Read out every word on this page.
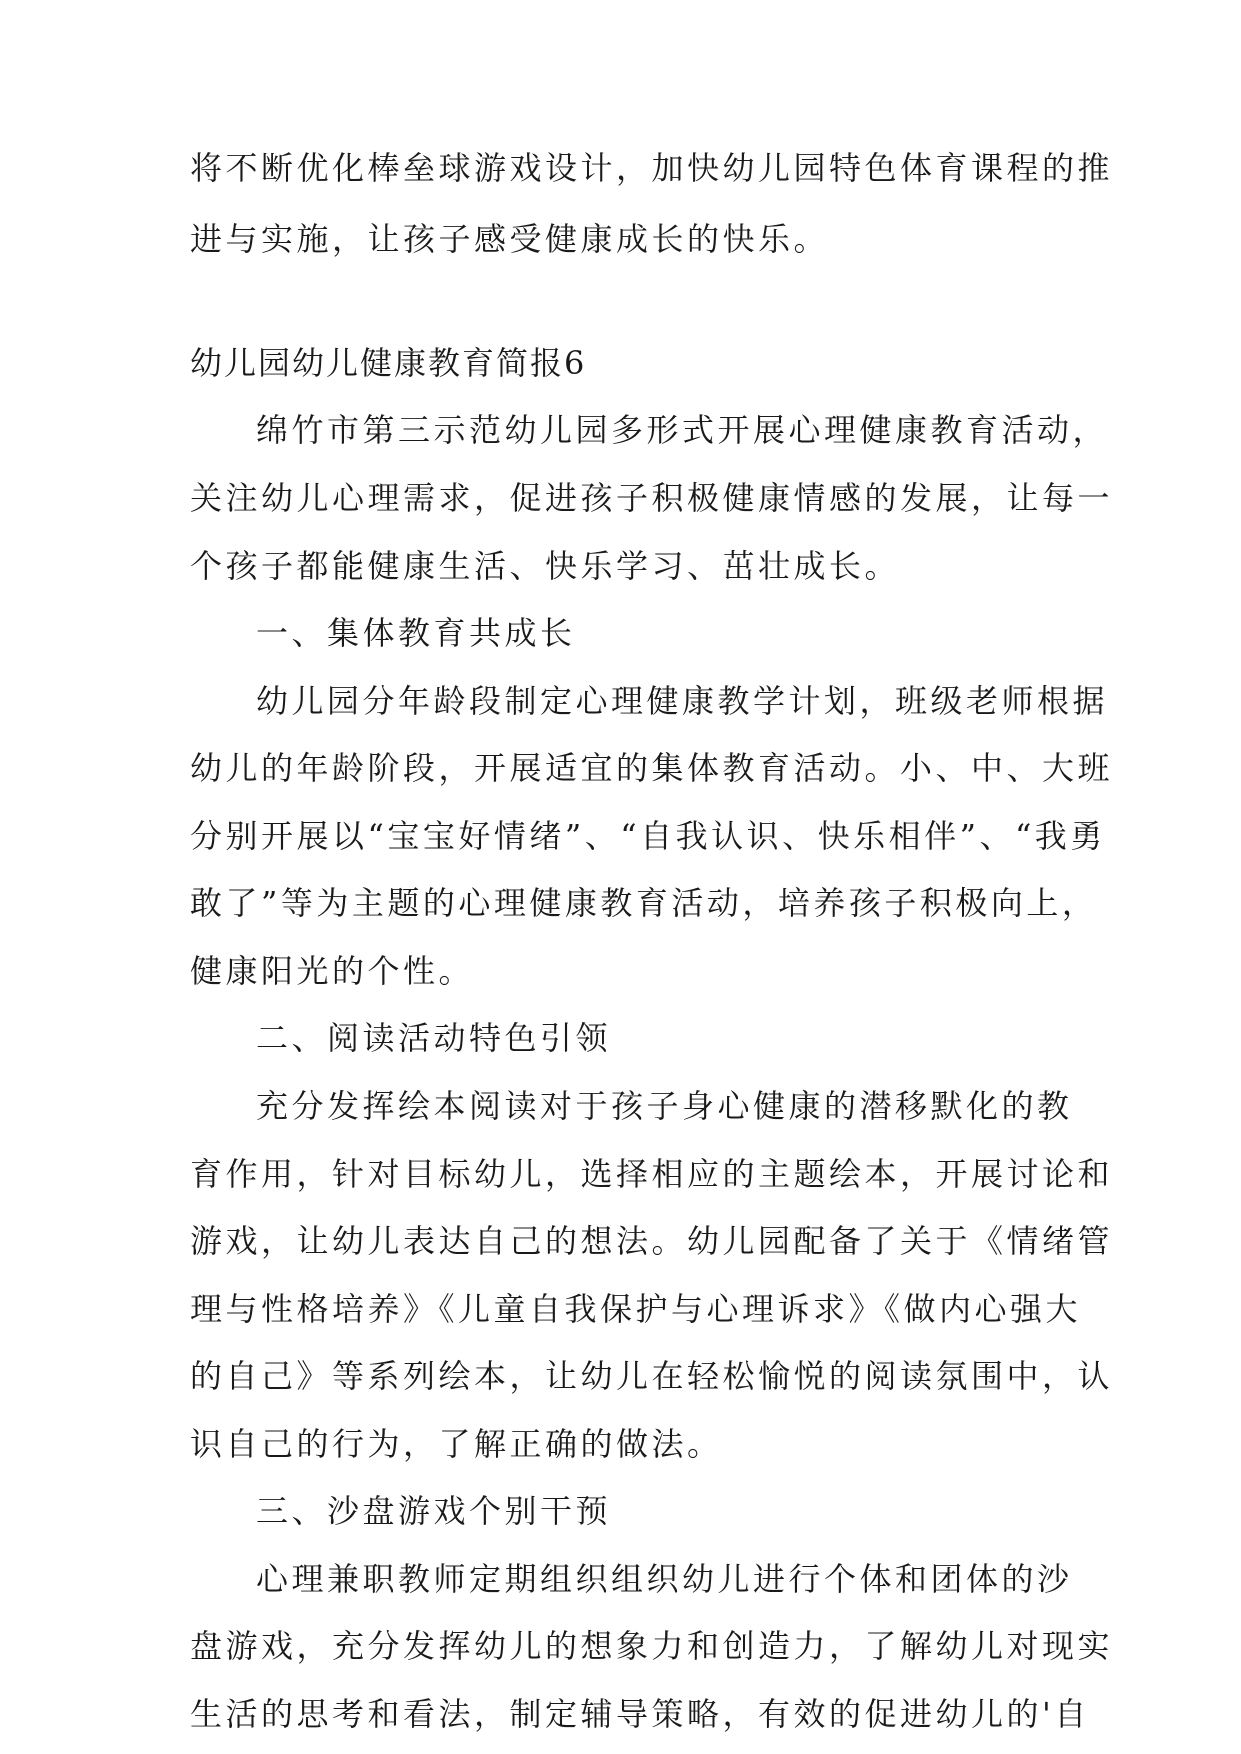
将不断优化棒垒球游戏设计，加快幼儿园特色体育课程的推
进与实施，让孩子感受健康成长的快乐。
幼儿园幼儿健康教育简报6
绵竹市第三示范幼儿园多形式开展心理健康教育活动，
关注幼儿心理需求，促进孩子积极健康情感的发展，让每一
个孩子都能健康生活、快乐学习、茁壮成长。
一、集体教育共成长
幼儿园分年龄段制定心理健康教学计划，班级老师根据
幼儿的年龄阶段，开展适宜的集体教育活动。小、中、大班
分别开展以“宝宝好情绪”、“自我认识、快乐相伴”、“我勇
敢了”等为主题的心理健康教育活动，培养孩子积极向上，
健康阳光的个性。
二、阅读活动特色引领
充分发挥绘本阅读对于孩子身心健康的潜移默化的教
育作用，针对目标幼儿，选择相应的主题绘本，开展讨论和
游戏，让幼儿表达自己的想法。幼儿园配备了关于《情绪管
理与性格培养》《儿童自我保护与心理诉求》《做内心强大
的自己》等系列绘本，让幼儿在轻松愉悦的阅读氛围中，认
识自己的行为，了解正确的做法。
三、沙盘游戏个别干预
心理兼职教师定期组织组织幼儿进行个体和团体的沙
盘游戏，充分发挥幼儿的想象力和创造力，了解幼儿对现实
生活的思考和看法，制定辅导策略，有效的促进幼儿的'自
